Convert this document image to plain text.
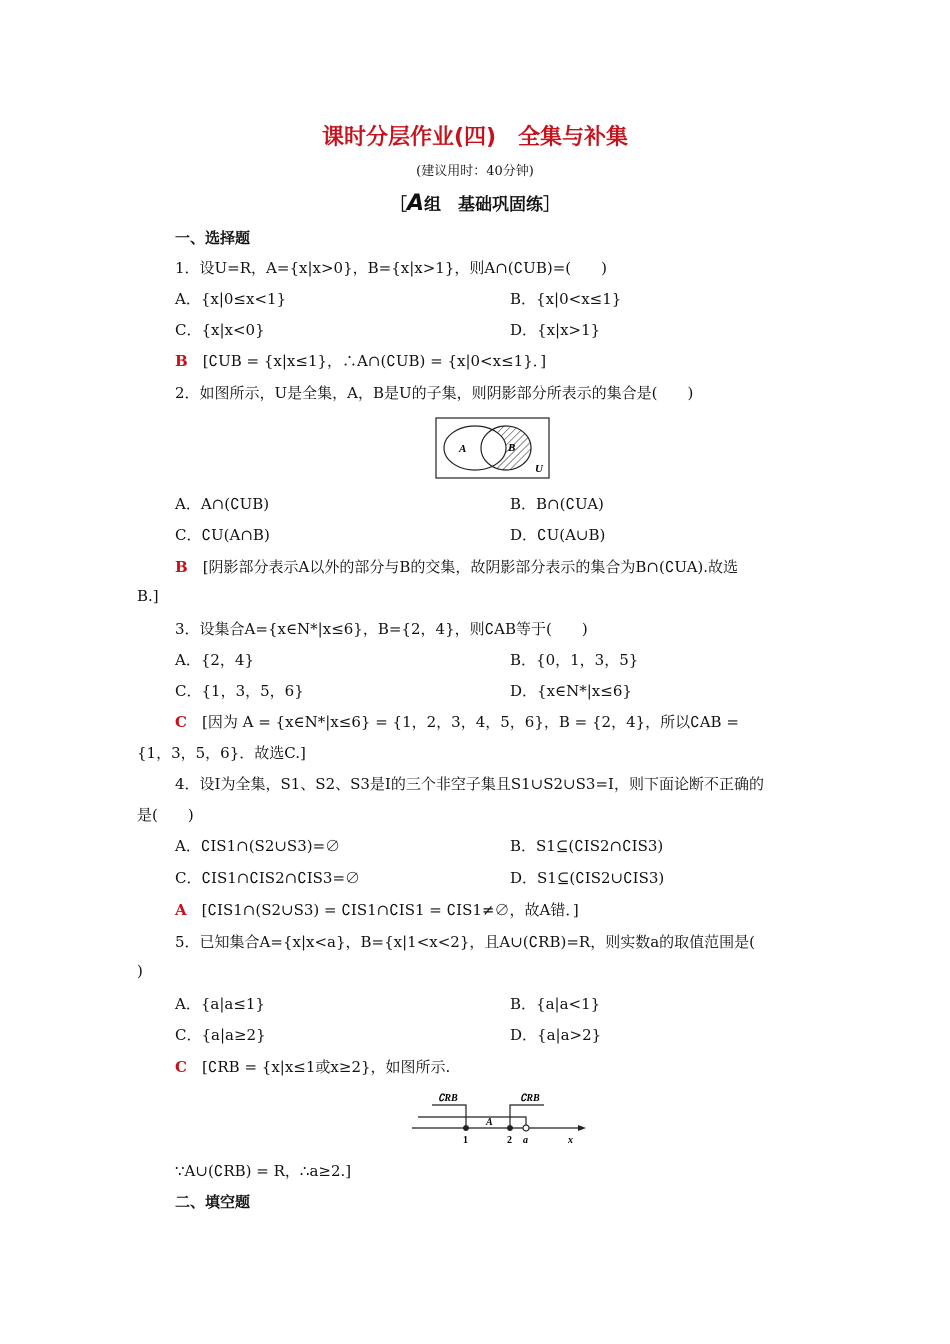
课时分层作业(四)　全集与补集
(建议用时：40分钟)
［A组　基础巩固练］
一、选择题
1．设U=R，A={x|x>0}，B={x|x>1}，则A∩(∁UB)=(　　)
A．{x|0≤x<1}	B．{x|0<x≤1}
C．{x|x<0}	D．{x|x>1}
B　 [∁UB = {x|x≤1}，∴A∩(∁UB) = {x|0<x≤1}．]
2．如图所示，U是全集，A，B是U的子集，则阴影部分所表示的集合是(　　)
A	B
U
A．A∩(∁UB)	B．B∩(∁UA)
C．∁U(A∩B)	D．∁U(A∪B)
B　 [阴影部分表示A以外的部分与B的交集，故阴影部分表示的集合为B∩(∁UA).故选
B.]
3．设集合A={x∈N*|x≤6}，B={2，4}，则∁AB等于(　　)
A．{2，4}	B．{0，1，3，5}
C．{1，3，5，6}	D．{x∈N*|x≤6}
C　 [因为 A = {x∈N*|x≤6} = {1，2，3，4，5，6}，B = {2，4}，所以∁AB =
{1，3，5，6}．故选C.]
4．设I为全集，S1、S2、S3是I的三个非空子集且S1∪S2∪S3=I，则下面论断不正确的
是(　　)
A．∁IS1∩(S2∪S3)=∅	B．S1⊆(∁IS2∩∁IS3)
C．∁IS1∩∁IS2∩∁IS3=∅	D．S1⊆(∁IS2∪∁IS3)
A　 [∁IS1∩(S2∪S3) = ∁IS1∩∁IS1 = ∁IS1≠∅，故A错．]
5．已知集合A={x|x<a}，B={x|1<x<2}，且A∪(∁RB)=R，则实数a的取值范围是(
)
A．{a|a≤1}	B．{a|a<1}
C．{a|a≥2}	D．{a|a>2}
C　 [∁RB = {x|x≤1或x≥2}，如图所示.
∁RB	∁RB
A
1	2 a	x
∵A∪(∁RB) = R，∴a≥2.]
二、填空题
